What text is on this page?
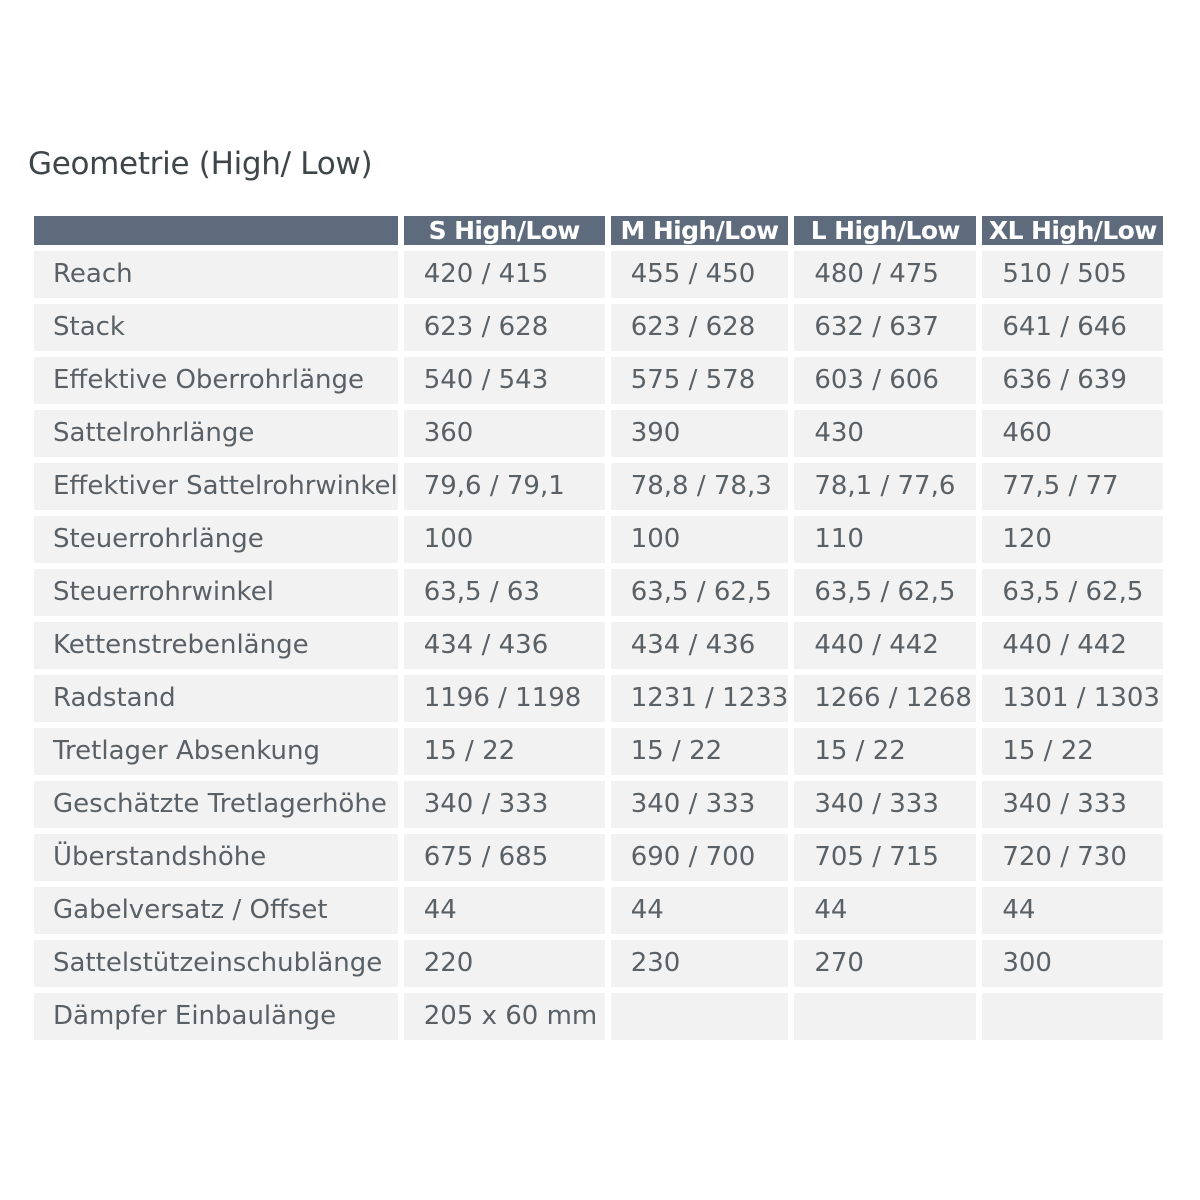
Geometrie (High/ Low)
	S High/Low	M High/Low	L High/Low	XL High/Low
Reach	420 / 415	455 / 450	480 / 475	510 / 505
Stack	623 / 628	623 / 628	632 / 637	641 / 646
Effektive Oberrohrlänge	540 / 543	575 / 578	603 / 606	636 / 639
Sattelrohrlänge	360	390	430	460
Effektiver Sattelrohrwinkel	79,6 / 79,1	78,8 / 78,3	78,1 / 77,6	77,5 / 77
Steuerrohrlänge	100	100	110	120
Steuerrohrwinkel	63,5 / 63	63,5 / 62,5	63,5 / 62,5	63,5 / 62,5
Kettenstrebenlänge	434 / 436	434 / 436	440 / 442	440 / 442
Radstand	1196 / 1198	1231 / 1233	1266 / 1268	1301 / 1303
Tretlager Absenkung	15 / 22	15 / 22	15 / 22	15 / 22
Geschätzte Tretlagerhöhe	340 / 333	340 / 333	340 / 333	340 / 333
Überstandshöhe	675 / 685	690 / 700	705 / 715	720 / 730
Gabelversatz / Offset	44	44	44	44
Sattelstützeinschublänge	220	230	270	300
Dämpfer Einbaulänge	205 x 60 mm			
